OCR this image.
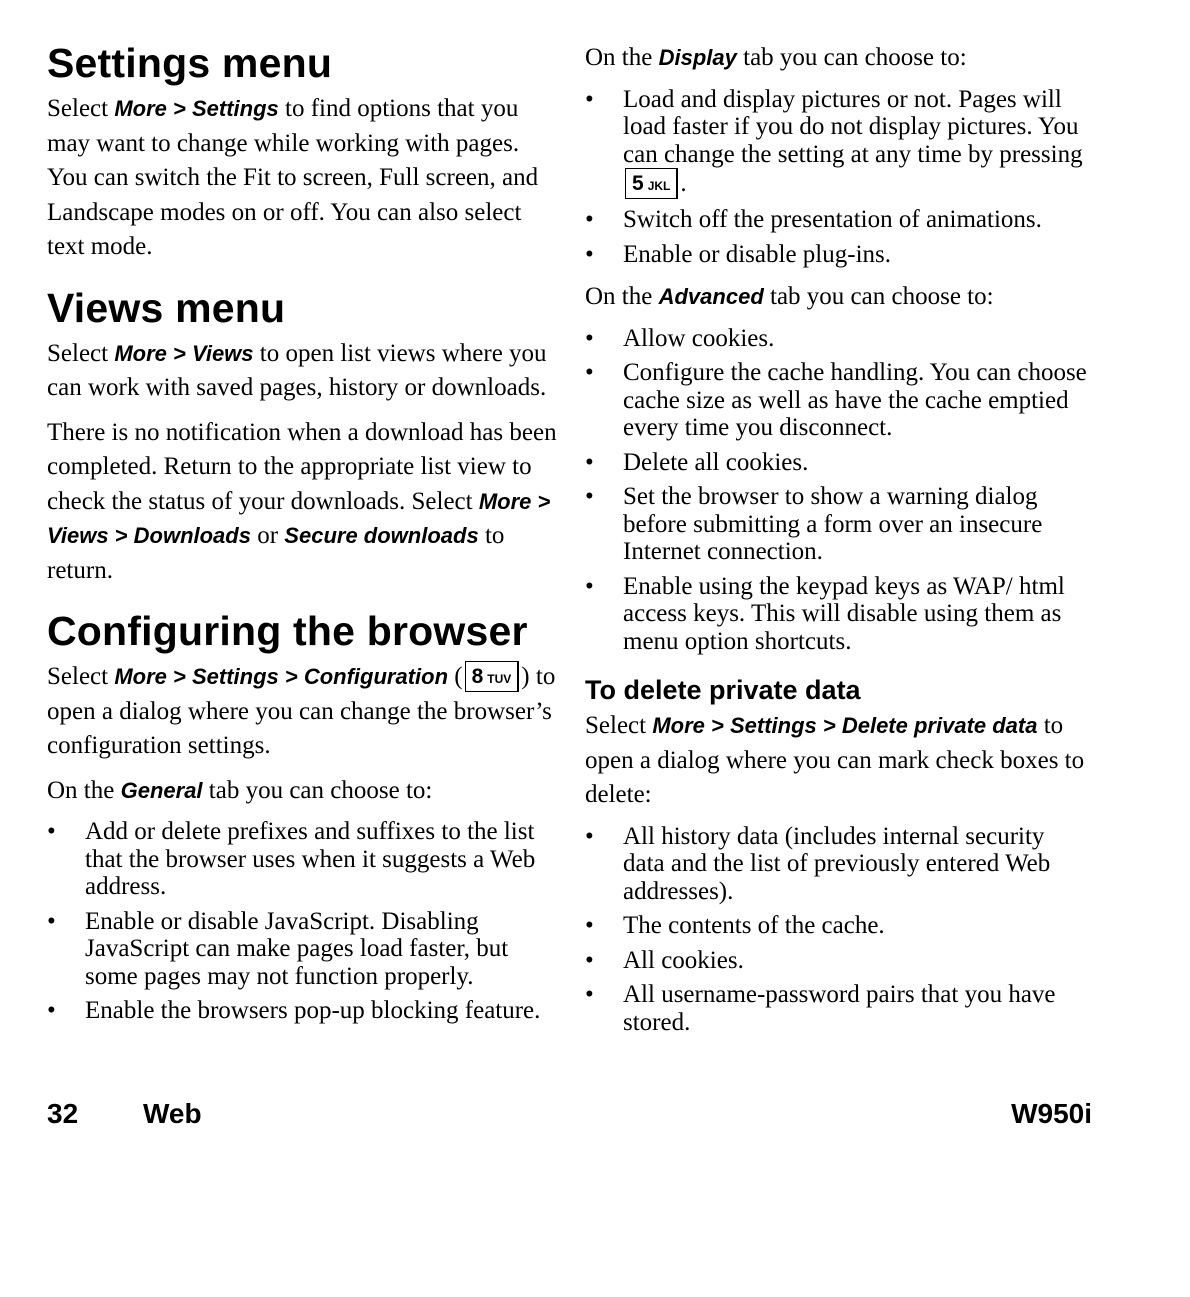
Settings menu

Select More > Settings to find options that you may want to change while working with pages. You can switch the Fit to screen, Full screen, and Landscape modes on or off. You can also select text mode.

Views menu

Select More > Views to open list views where you can work with saved pages, history or downloads.

There is no notification when a download has been completed. Return to the appropriate list view to check the status of your downloads. Select More > Views > Downloads or Secure downloads to return.

Configuring the browser

Select More > Settings > Configuration ( 8 TUV ) to open a dialog where you can change the browser’s configuration settings.

On the General tab you can choose to:

• Add or delete prefixes and suffixes to the list that the browser uses when it suggests a Web address.
• Enable or disable JavaScript. Disabling JavaScript can make pages load faster, but some pages may not function properly.
• Enable the browsers pop-up blocking feature.

On the Display tab you can choose to:

• Load and display pictures or not. Pages will load faster if you do not display pictures. You can change the setting at any time by pressing 5 JKL .
• Switch off the presentation of animations.
• Enable or disable plug-ins.

On the Advanced tab you can choose to:

• Allow cookies.
• Configure the cache handling. You can choose cache size as well as have the cache emptied every time you disconnect.
• Delete all cookies.
• Set the browser to show a warning dialog before submitting a form over an insecure Internet connection.
• Enable using the keypad keys as WAP/ html access keys. This will disable using them as menu option shortcuts.
To delete private data

Select More > Settings > Delete private data to open a dialog where you can mark check boxes to delete:

• All history data (includes internal security data and the list of previously entered Web addresses).
• The contents of the cache.
• All cookies.
• All username-password pairs that you have stored.
32 Web	W950i
